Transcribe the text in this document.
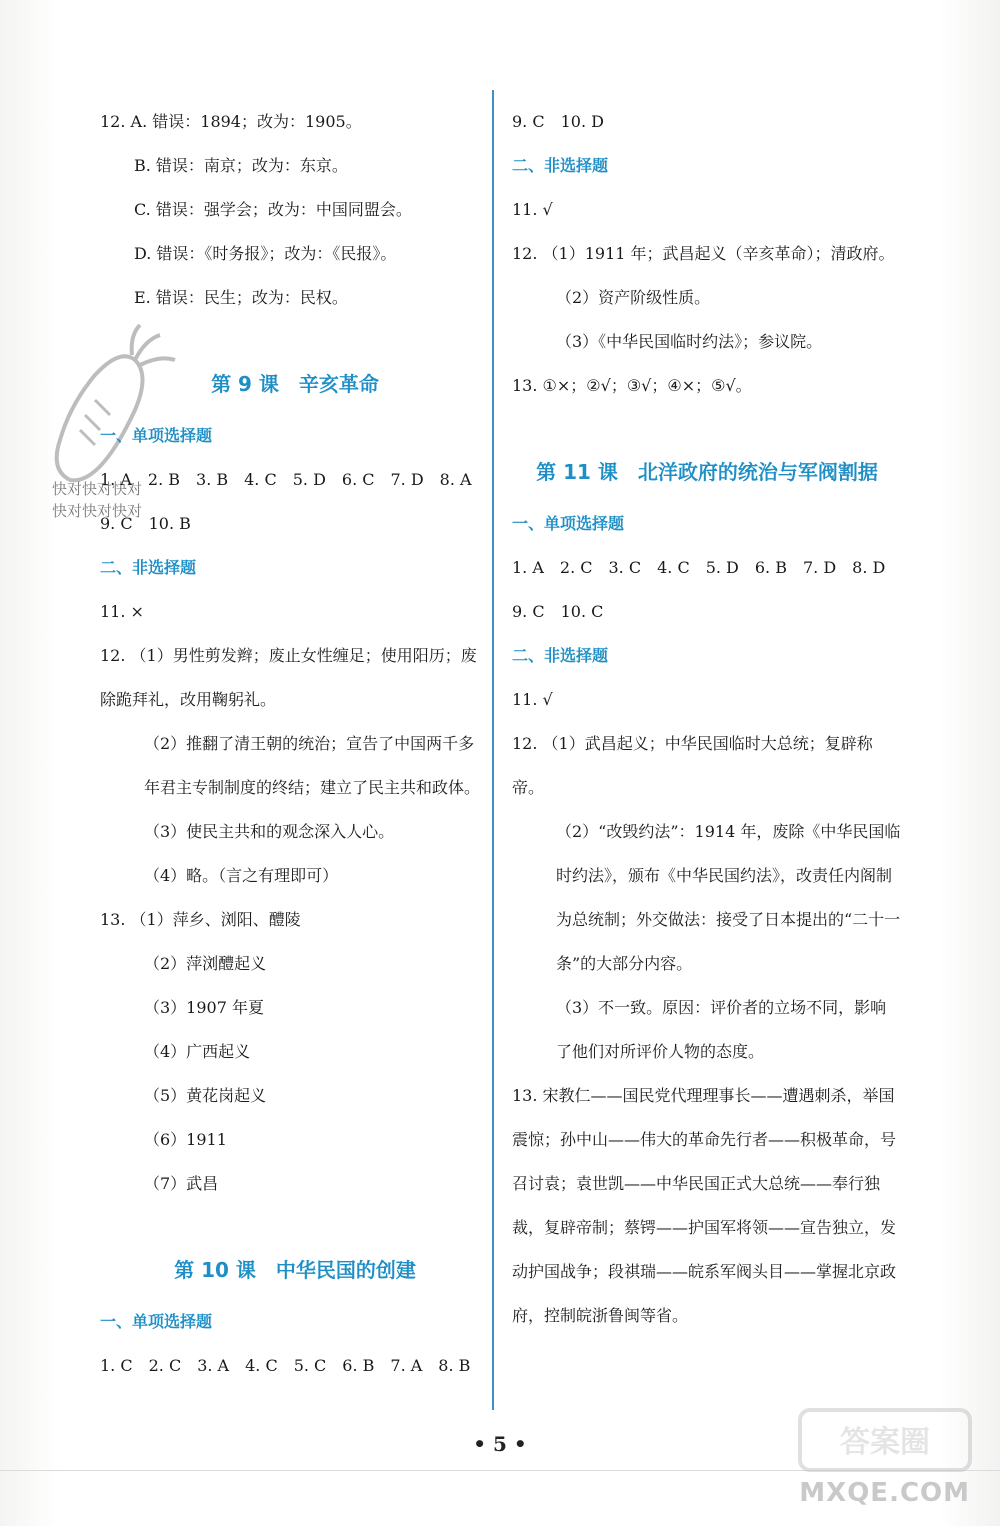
快对快对快对
快对快对快对
12. A. 错误：1894；改为：1905。
B. 错误：南京；改为：东京。
C. 错误：强学会；改为：中国同盟会。
D. 错误：《时务报》；改为：《民报》。
E. 错误：民生；改为：民权。
第 9 课　辛亥革命
一、单项选择题
1. A　2. B　3. B　4. C　5. D　6. C　7. D　8. A
9. C　10. B
二、非选择题
11. ×
12. （1）男性剪发辫；废止女性缠足；使用阳历；废除跪拜礼，改用鞠躬礼。
（2）推翻了清王朝的统治；宣告了中国两千多年君主专制制度的终结；建立了民主共和政体。
（3）使民主共和的观念深入人心。
（4）略。（言之有理即可）
13. （1）萍乡、浏阳、醴陵
（2）萍浏醴起义
（3）1907 年夏
（4）广西起义
（5）黄花岗起义
（6）1911
（7）武昌
第 10 课　中华民国的创建
一、单项选择题
1. C　2. C　3. A　4. C　5. C　6. B　7. A　8. B
9. C　10. D
二、非选择题
11. √
12. （1）1911 年；武昌起义（辛亥革命）；清政府。
（2）资产阶级性质。
（3）《中华民国临时约法》；参议院。
13. ①×；②√；③√；④×；⑤√。
第 11 课　北洋政府的统治与军阀割据
一、单项选择题
1. A　2. C　3. C　4. C　5. D　6. B　7. D　8. D
9. C　10. C
二、非选择题
11. √
12. （1）武昌起义；中华民国临时大总统；复辟称帝。
（2）“改毁约法”：1914 年，废除《中华民国临时约法》，颁布《中华民国约法》，改责任内阁制为总统制；外交做法：接受了日本提出的“二十一条”的大部分内容。
（3）不一致。原因：评价者的立场不同，影响了他们对所评价人物的态度。
13. 宋教仁——国民党代理理事长——遭遇刺杀，举国震惊；孙中山——伟大的革命先行者——积极革命，号召讨袁；袁世凯——中华民国正式大总统——奉行独裁，复辟帝制；蔡锷——护国军将领——宣告独立，发动护国战争；段祺瑞——皖系军阀头目——掌握北京政府，控制皖浙鲁闽等省。
• 5 •	答案圈
MXQE.COM
